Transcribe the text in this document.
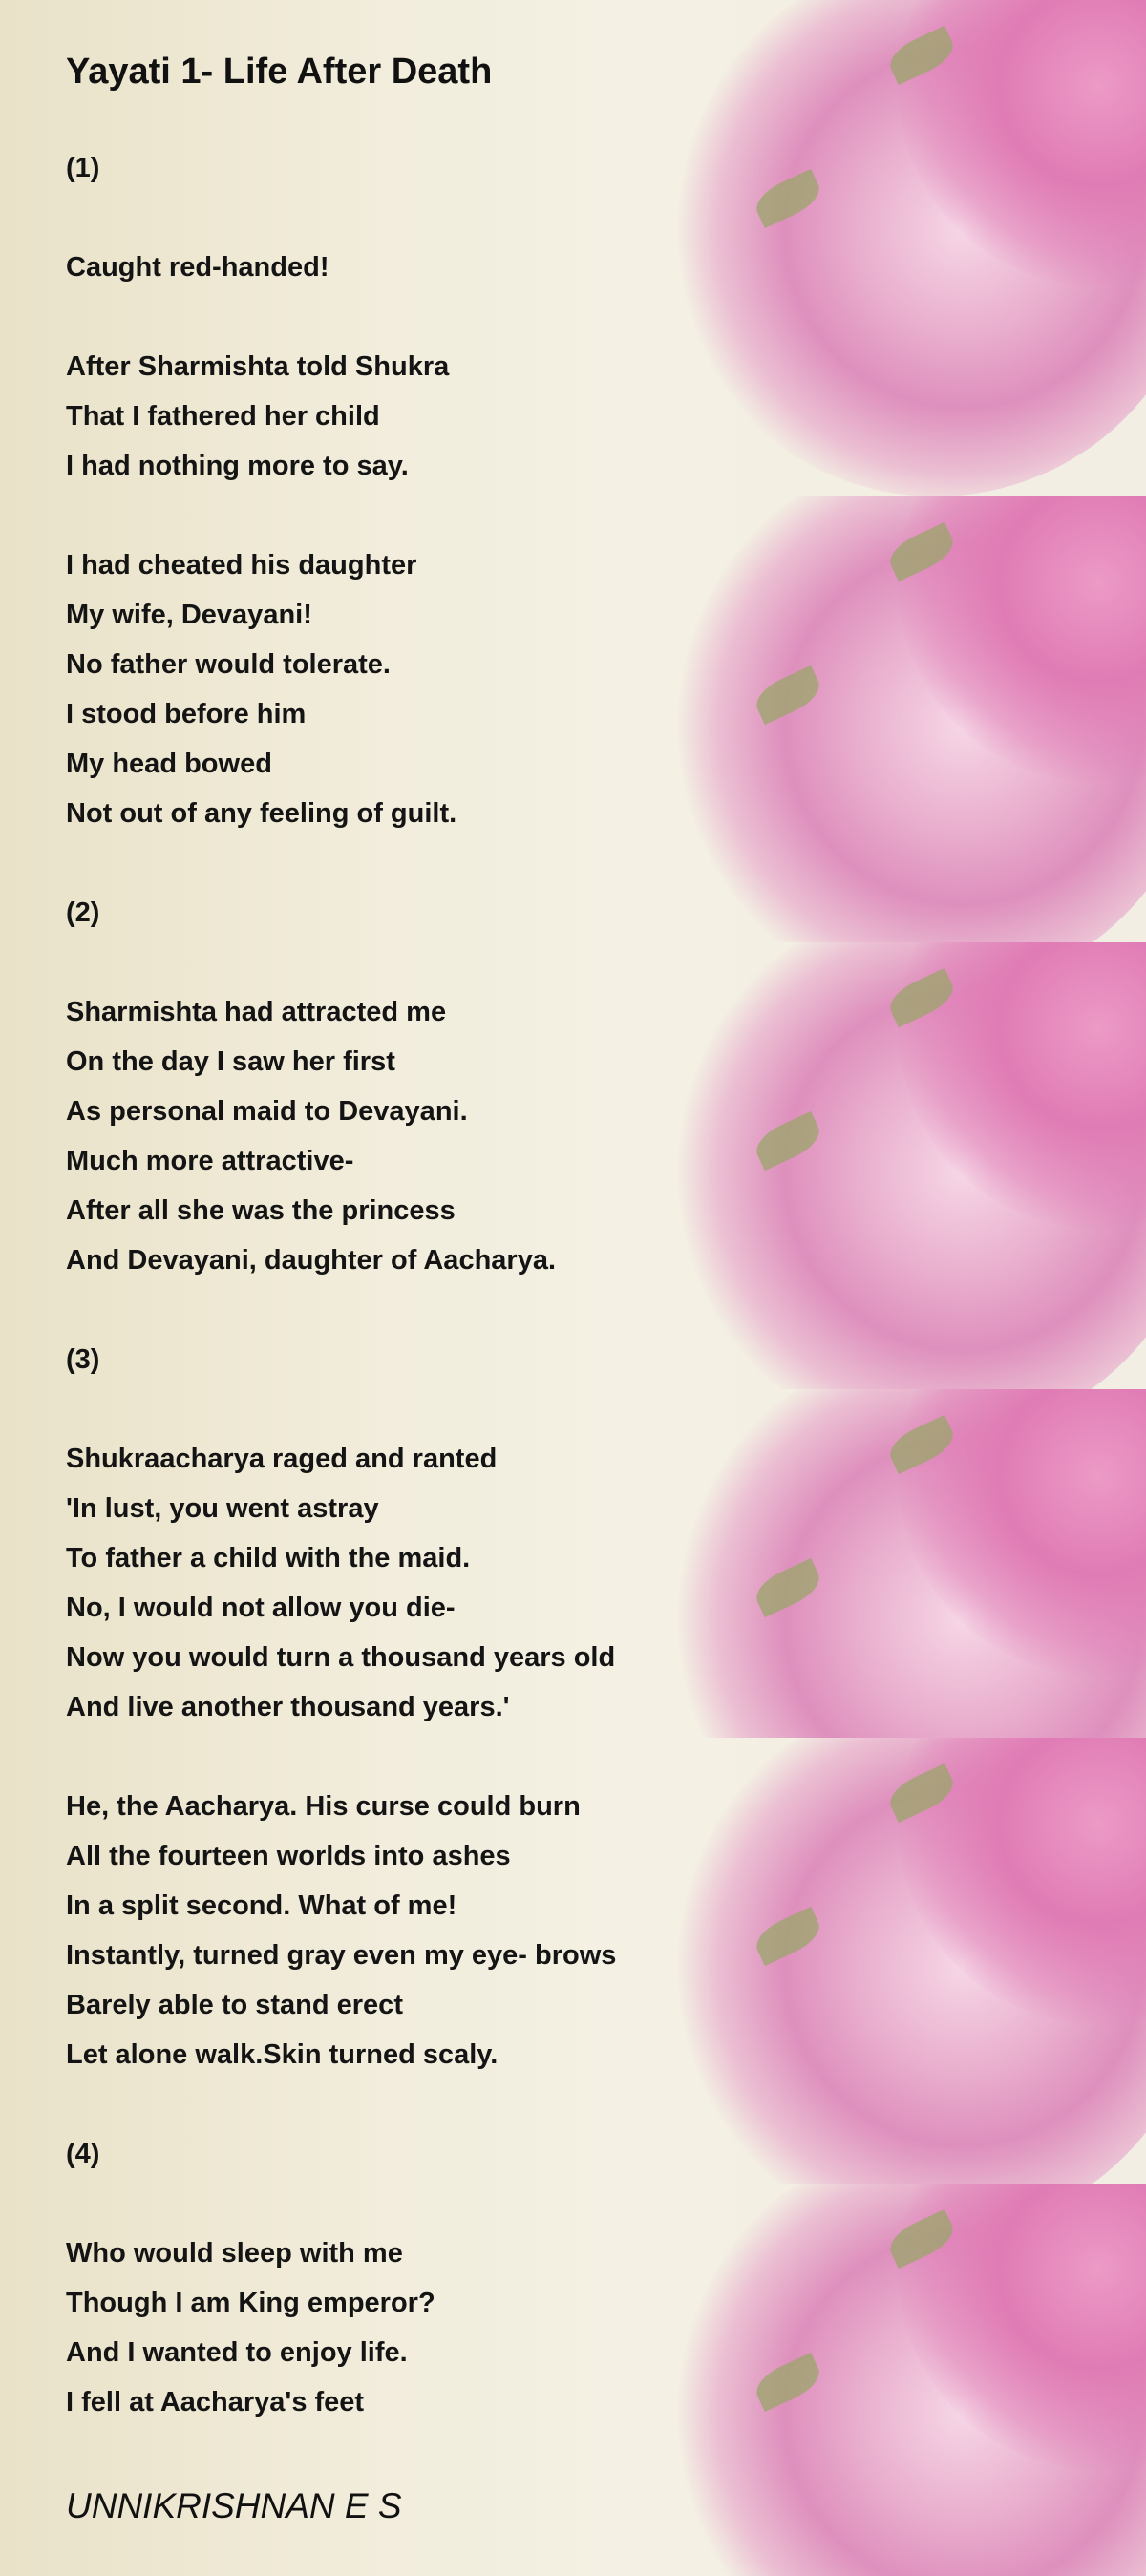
Yayati 1- Life After Death
(1)
Caught red-handed!
After Sharmishta told Shukra
That I fathered her child
I had nothing more to say.
I had cheated his daughter
My wife, Devayani!
No father would tolerate.
I stood before him
My head bowed
Not out of any feeling of guilt.
(2)
Sharmishta had attracted me
On the day I saw her first
As personal maid to Devayani.
Much more attractive-
After all she was the princess
And Devayani, daughter of Aacharya.
(3)
Shukraacharya raged and ranted
'In lust, you went astray
To father a child with the maid.
No, I would not allow you die-
Now you would turn a thousand years old
And live another thousand years.'
He, the Aacharya. His curse could burn
All the fourteen worlds into ashes
In a split second. What of me!
Instantly, turned gray even my eye- brows
Barely able to stand erect
Let alone walk.Skin turned scaly.
(4)
Who would sleep with me
Though I am King emperor?
And I wanted to enjoy life.
I fell at Aacharya's feet
UNNIKRISHNAN E S
